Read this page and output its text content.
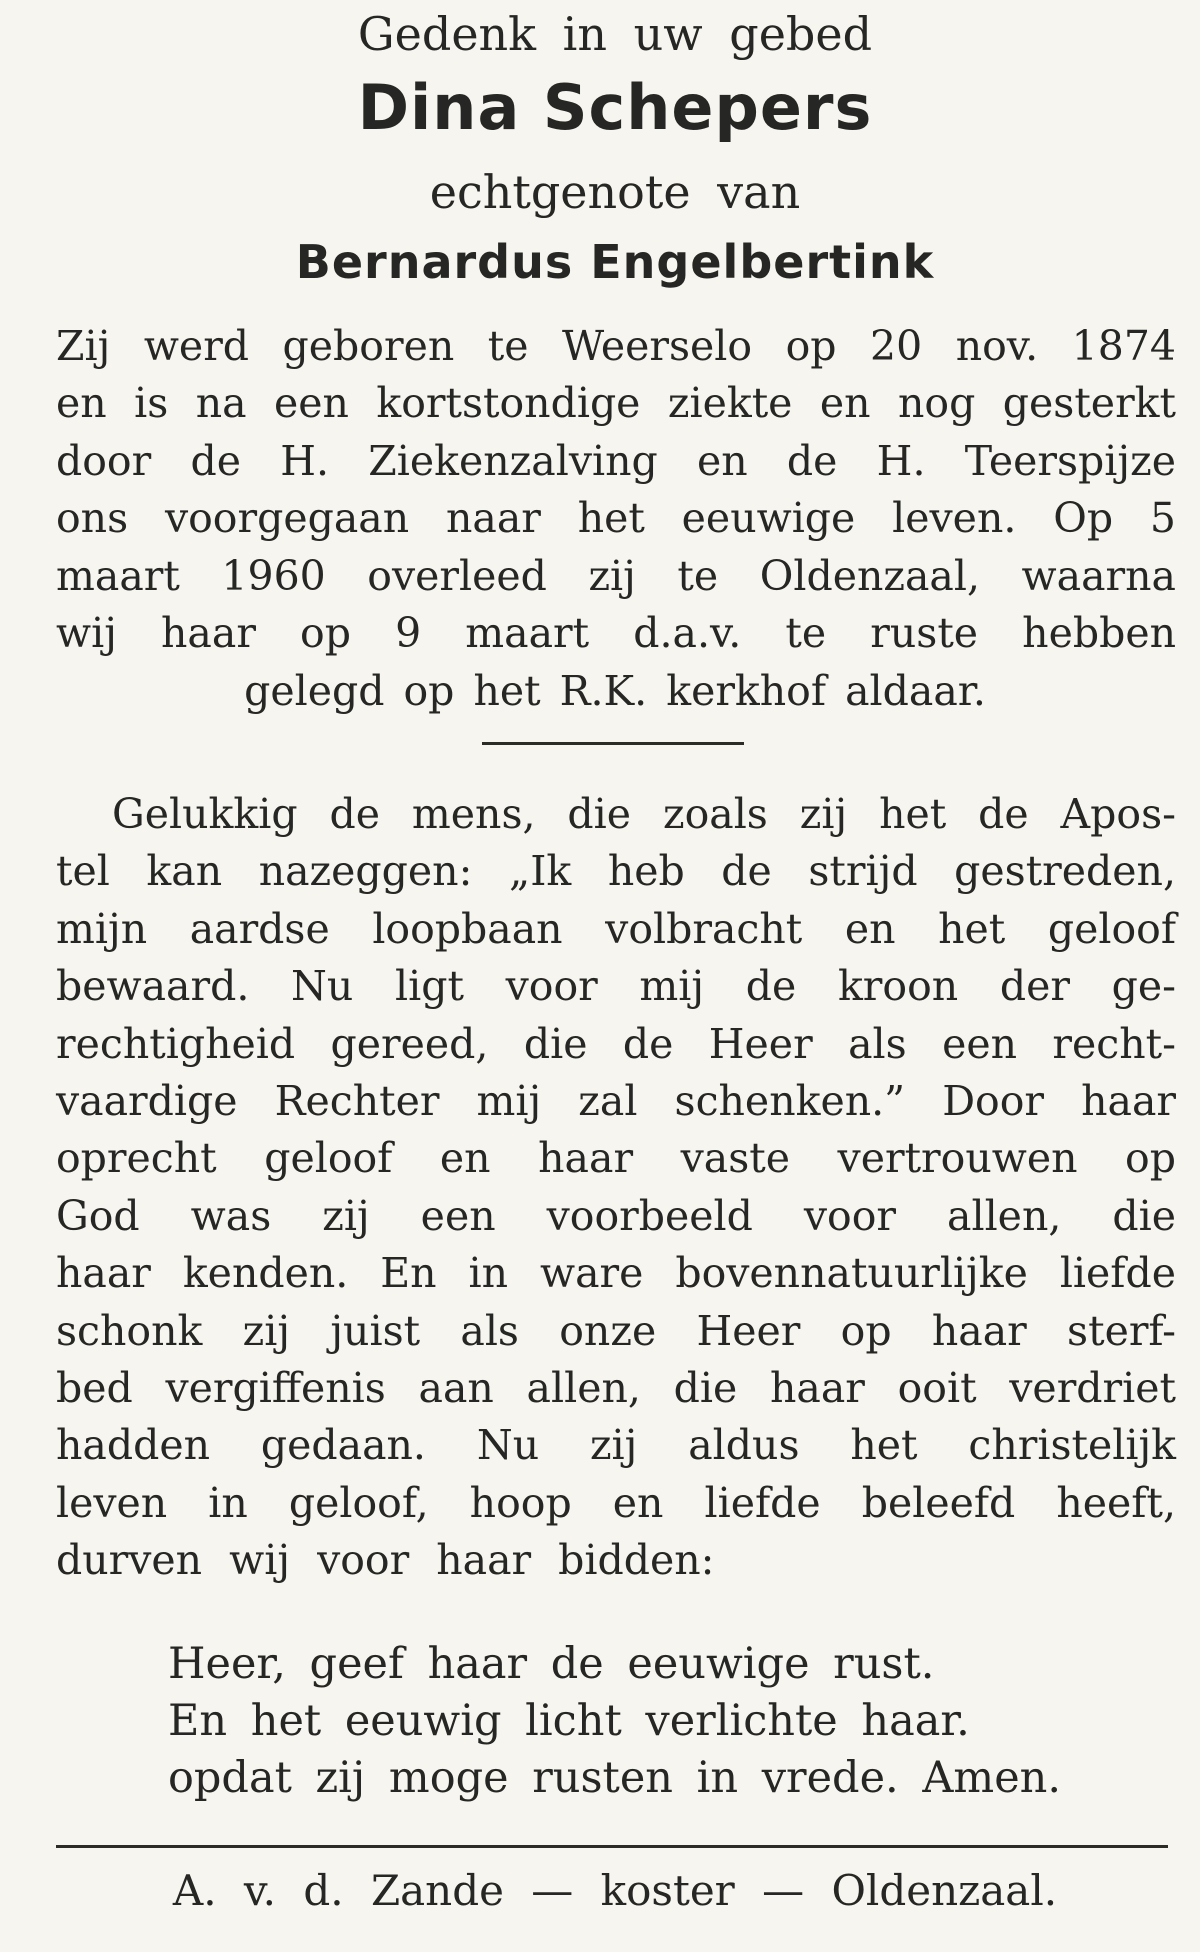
Gedenk in uw gebed
Dina Schepers
echtgenote van
Bernardus Engelbertink
Zij werd geboren te Weerselo op 20 nov. 1874
en is na een kortstondige ziekte en nog gesterkt
door de H. Ziekenzalving en de H. Teerspijze
ons voorgegaan naar het eeuwige leven. Op 5
maart 1960 overleed zij te Oldenzaal, waarna
wij haar op 9 maart d.a.v. te ruste hebben
gelegd op het R.K. kerkhof aldaar.
Gelukkig de mens, die zoals zij het de Apos-
tel kan nazeggen: „Ik heb de strijd gestreden,
mijn aardse loopbaan volbracht en het geloof
bewaard. Nu ligt voor mij de kroon der ge-
rechtigheid gereed, die de Heer als een recht-
vaardige Rechter mij zal schenken.” Door haar
oprecht geloof en haar vaste vertrouwen op
God was zij een voorbeeld voor allen, die
haar kenden. En in ware bovennatuurlijke liefde
schonk zij juist als onze Heer op haar sterf-
bed vergiffenis aan allen, die haar ooit verdriet
hadden gedaan. Nu zij aldus het christelijk
leven in geloof, hoop en liefde beleefd heeft,
durven wij voor haar bidden:
Heer, geef haar de eeuwige rust.
En het eeuwig licht verlichte haar.
opdat zij moge rusten in vrede. Amen.
A. v. d. Zande — koster — Oldenzaal.
